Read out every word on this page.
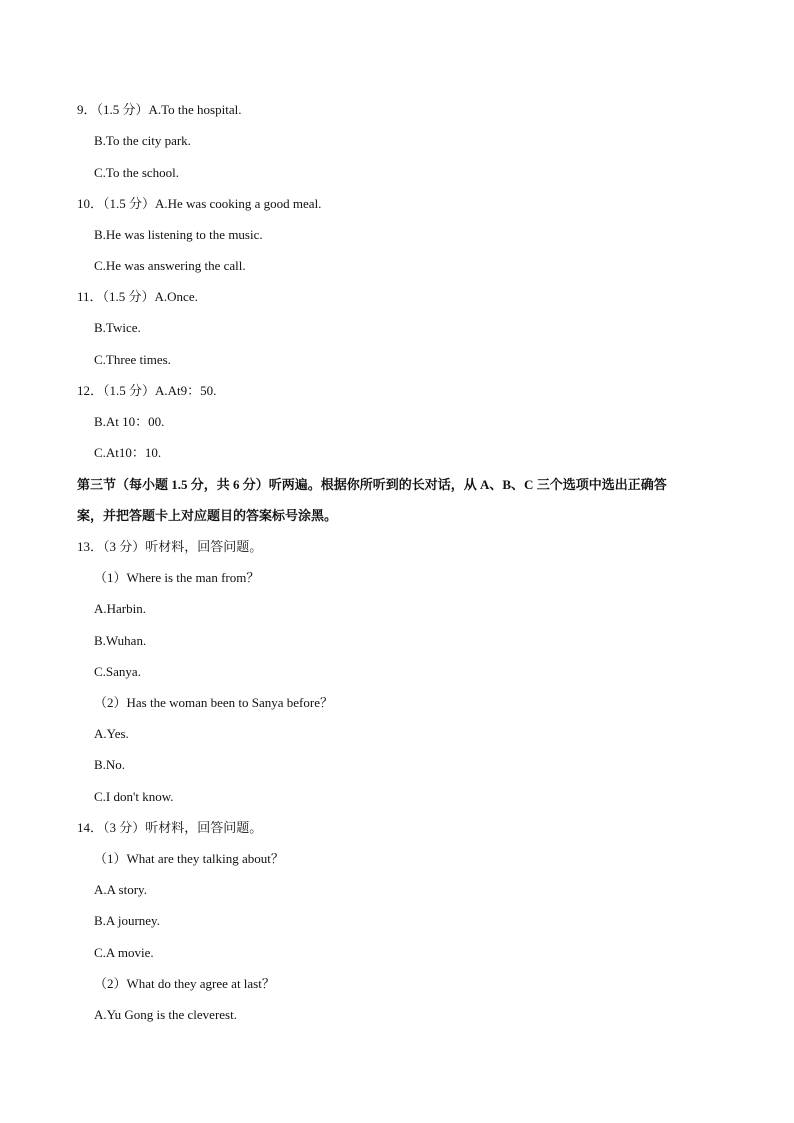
9．（1.5 分）A.To the hospital.
B.To the city park.
C.To the school.
10．（1.5 分）A.He was cooking a good meal.
B.He was listening to the music.
C.He was answering the call.
11．（1.5 分）A.Once.
B.Twice.
C.Three times.
12．（1.5 分）A.At9：50.
B.At 10：00.
C.At10：10.
第三节（每小题 1.5 分，共 6 分）听两遍。根据你所听到的长对话，从 A、B、C 三个选项中选出正确答
案，并把答题卡上对应题目的答案标号涂黑。
13．（3 分）听材料，回答问题。
（1）Where is the man from？
A.Harbin.
B.Wuhan.
C.Sanya.
（2）Has the woman been to Sanya before？
A.Yes.
B.No.
C.I don't know.
14．（3 分）听材料，回答问题。
（1）What are they talking about？
A.A story.
B.A journey.
C.A movie.
（2）What do they agree at last？
A.Yu Gong is the cleverest.
